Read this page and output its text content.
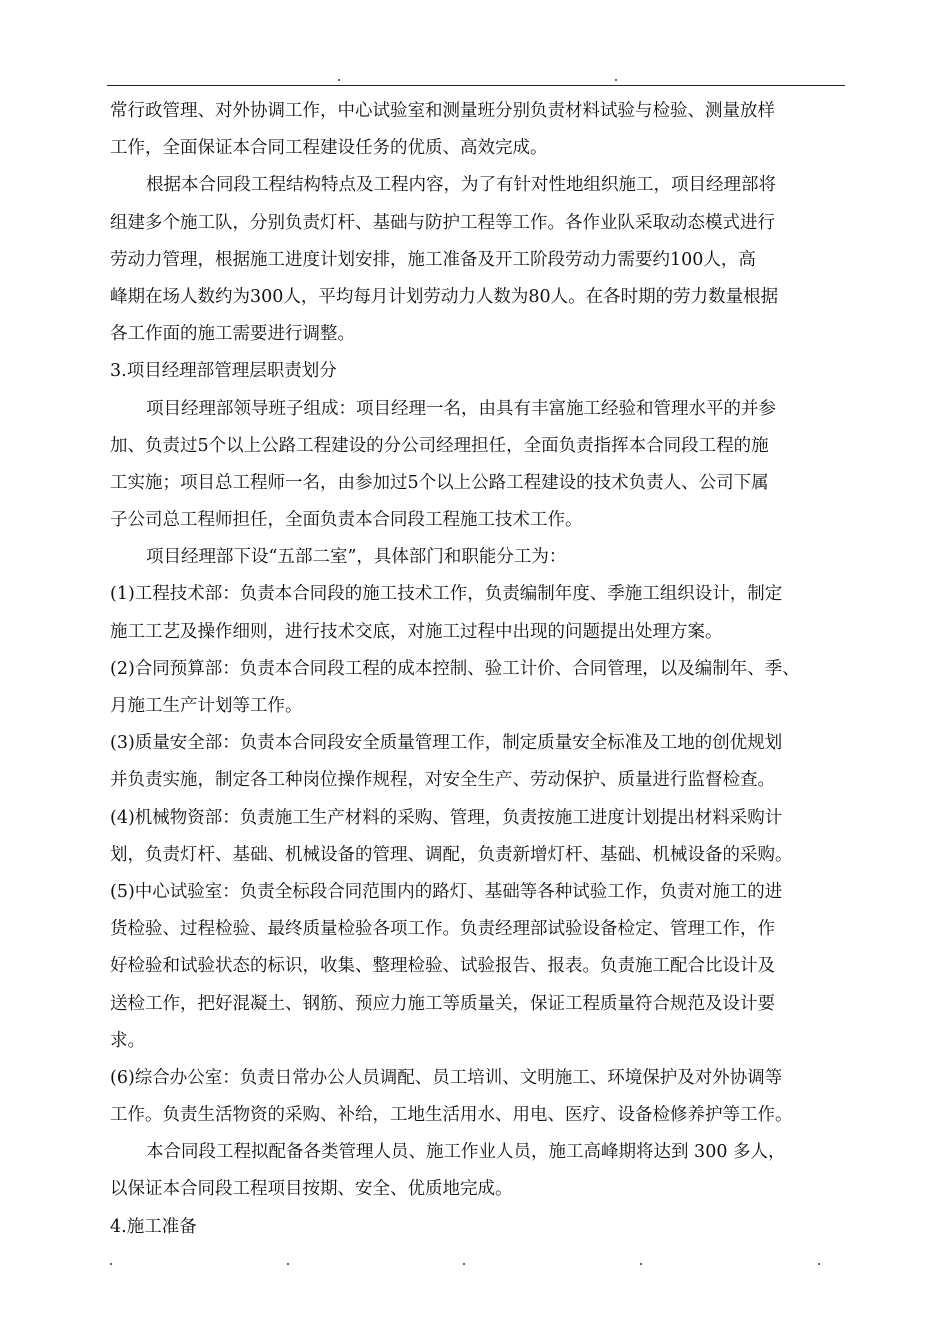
常行政管理、对外协调工作，中心试验室和测量班分别负责材料试验与检验、测量放样
工作，全面保证本合同工程建设任务的优质、高效完成。
根据本合同段工程结构特点及工程内容，为了有针对性地组织施工，项目经理部将
组建多个施工队，分别负责灯杆、基础与防护工程等工作。各作业队采取动态模式进行
劳动力管理，根据施工进度计划安排，施工准备及开工阶段劳动力需要约100人，高
峰期在场人数约为300人，平均每月计划劳动力人数为80人。在各时期的劳力数量根据
各工作面的施工需要进行调整。
3.项目经理部管理层职责划分
项目经理部领导班子组成：项目经理一名，由具有丰富施工经验和管理水平的并参
加、负责过5个以上公路工程建设的分公司经理担任，全面负责指挥本合同段工程的施
工实施；项目总工程师一名，由参加过5个以上公路工程建设的技术负责人、公司下属
子公司总工程师担任，全面负责本合同段工程施工技术工作。
项目经理部下设“五部二室”，具体部门和职能分工为：
(1)工程技术部：负责本合同段的施工技术工作，负责编制年度、季施工组织设计，制定
施工工艺及操作细则，进行技术交底，对施工过程中出现的问题提出处理方案。
(2)合同预算部：负责本合同段工程的成本控制、验工计价、合同管理，以及编制年、季、
月施工生产计划等工作。
(3)质量安全部：负责本合同段安全质量管理工作，制定质量安全标准及工地的创优规划
并负责实施，制定各工种岗位操作规程，对安全生产、劳动保护、质量进行监督检查。
(4)机械物资部：负责施工生产材料的采购、管理，负责按施工进度计划提出材料采购计
划，负责灯杆、基础、机械设备的管理、调配，负责新增灯杆、基础、机械设备的采购。
(5)中心试验室：负责全标段合同范围内的路灯、基础等各种试验工作，负责对施工的进
货检验、过程检验、最终质量检验各项工作。负责经理部试验设备检定、管理工作，作
好检验和试验状态的标识，收集、整理检验、试验报告、报表。负责施工配合比设计及
送检工作，把好混凝土、钢筋、预应力施工等质量关，保证工程质量符合规范及设计要
求。
(6)综合办公室：负责日常办公人员调配、员工培训、文明施工、环境保护及对外协调等
工作。负责生活物资的采购、补给，工地生活用水、用电、医疗、设备检修养护等工作。
本合同段工程拟配备各类管理人员、施工作业人员，施工高峰期将达到 300 多人，
以保证本合同段工程项目按期、安全、优质地完成。
4.施工准备
